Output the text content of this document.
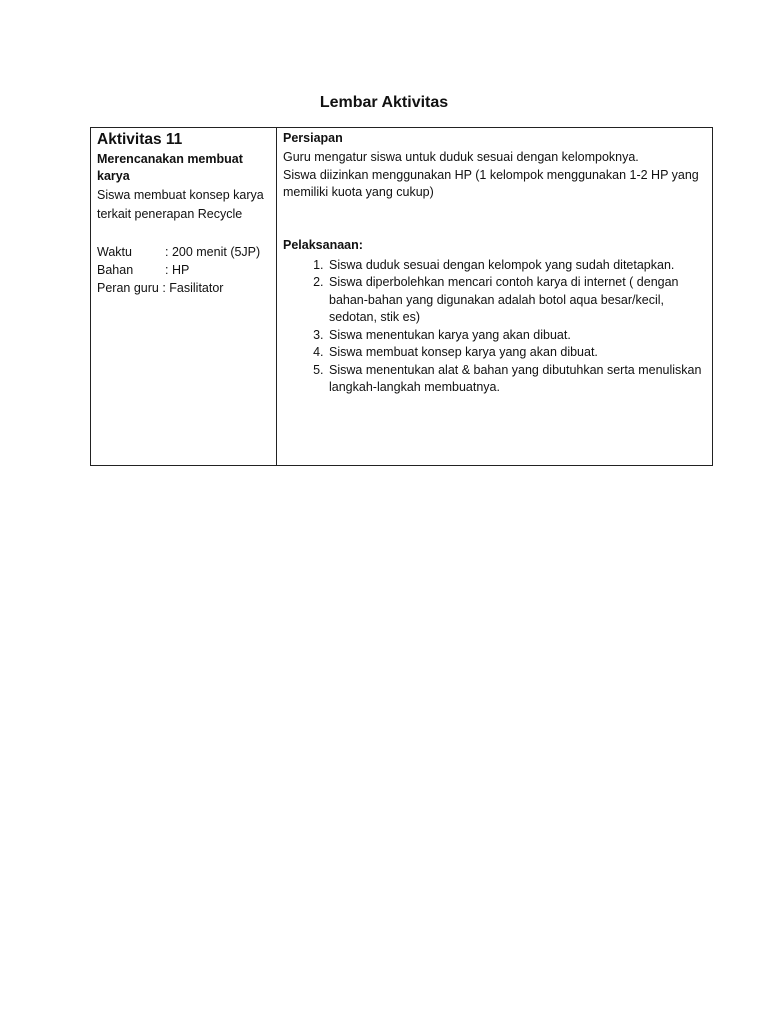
Lembar Aktivitas
Aktivitas 11
Merencanakan membuat karya
Siswa membuat konsep karya terkait penerapan Recycle
Waktu	: 200 menit (5JP)
Bahan	: HP
Peran guru : Fasilitator
Persiapan
Guru mengatur siswa untuk duduk sesuai dengan kelompoknya.
Siswa diizinkan menggunakan HP (1 kelompok menggunakan 1-2 HP yang memiliki kuota yang cukup)
Pelaksanaan:
1. Siswa duduk sesuai dengan kelompok yang sudah ditetapkan.
2. Siswa diperbolehkan mencari contoh karya di internet ( dengan bahan-bahan yang digunakan adalah botol aqua besar/kecil, sedotan, stik es)
3. Siswa menentukan karya yang akan dibuat.
4. Siswa membuat konsep karya yang akan dibuat.
5. Siswa menentukan alat & bahan yang dibutuhkan serta menuliskan langkah-langkah membuatnya.
